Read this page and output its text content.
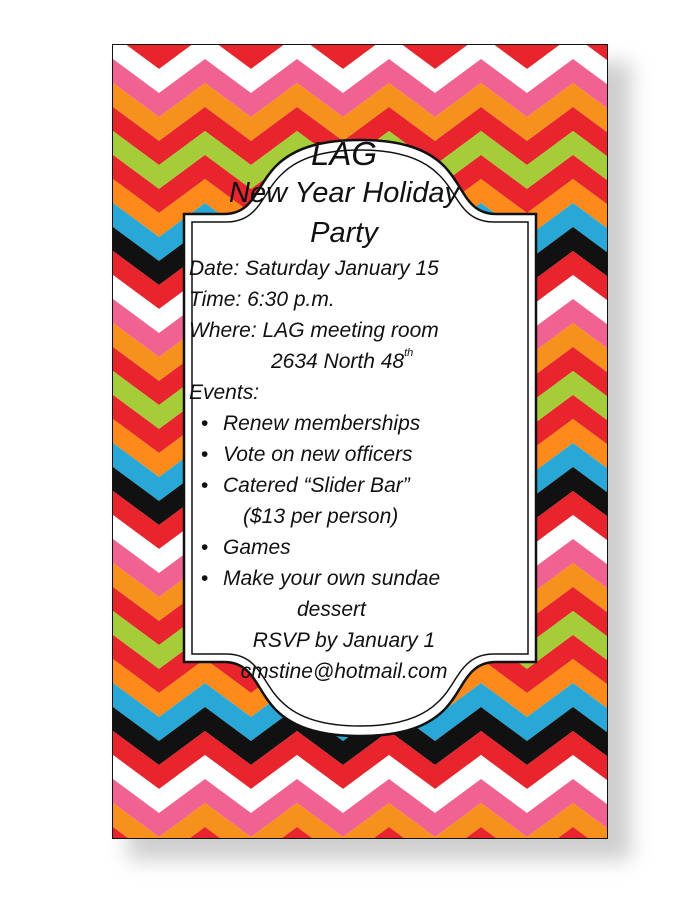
LAG
New Year Holiday
Party
Date: Saturday January 15
Time: 6:30 p.m.
Where: LAG meeting room
2634 North 48th
Events:
• Renew memberships
• Vote on new officers
• Catered “Slider Bar”
($13 per person)
• Games
• Make your own sundae
dessert
RSVP by January 1
cmstine@hotmail.com
